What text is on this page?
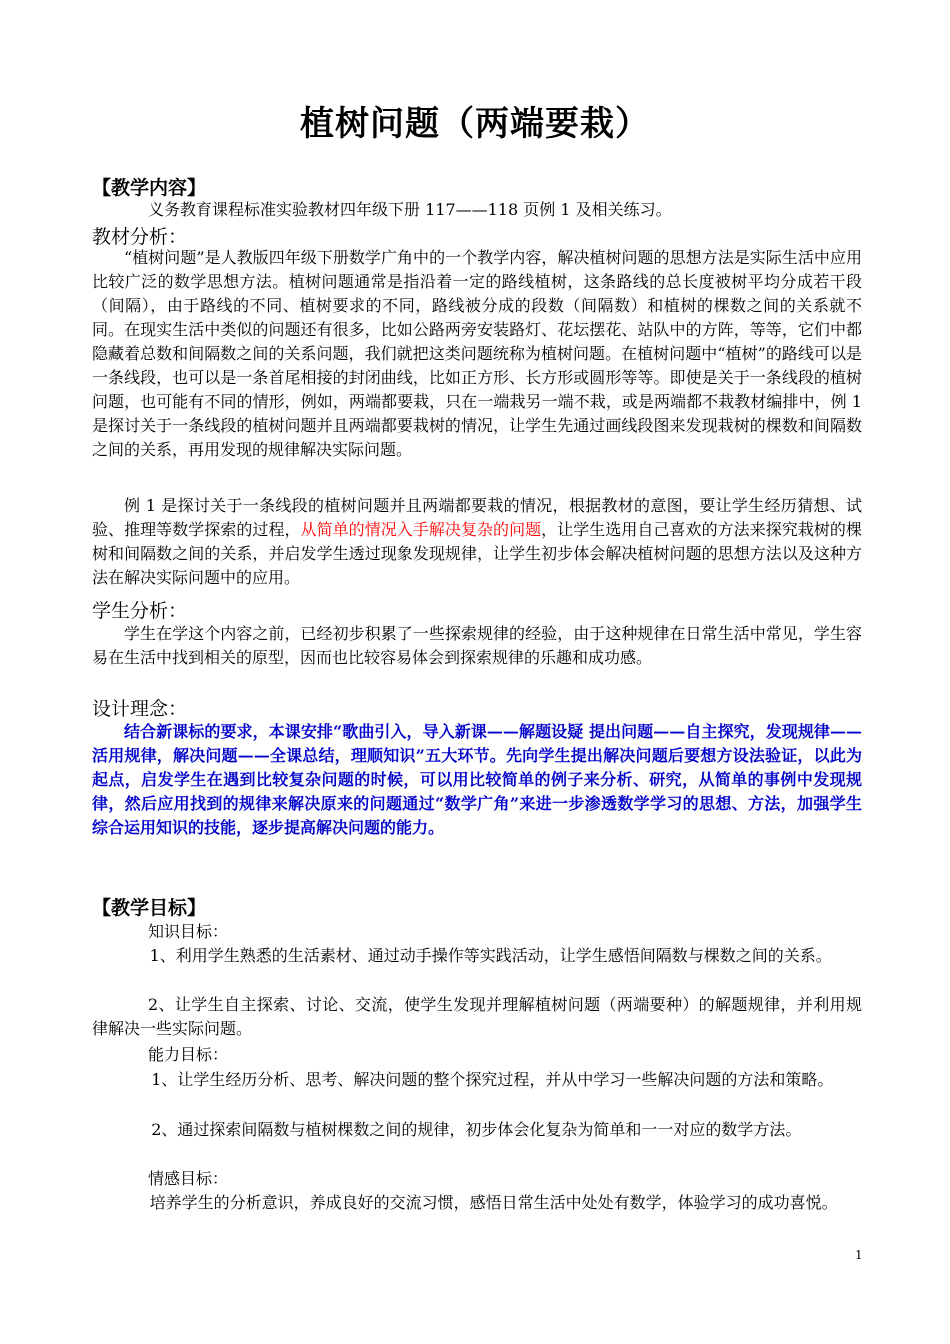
植树问题（两端要栽）
【教学内容】
义务教育课程标准实验教材四年级下册 117——118 页例 1 及相关练习。
教材分析：
“植树问题”是人教版四年级下册数学广角中的一个教学内容，解决植树问题的思想方法是实际生活中应用比较广泛的数学思想方法。植树问题通常是指沿着一定的路线植树，这条路线的总长度被树平均分成若干段（间隔），由于路线的不同、植树要求的不同，路线被分成的段数（间隔数）和植树的棵数之间的关系就不同。在现实生活中类似的问题还有很多，比如公路两旁安装路灯、花坛摆花、站队中的方阵，等等，它们中都隐藏着总数和间隔数之间的关系问题，我们就把这类问题统称为植树问题。在植树问题中“植树”的路线可以是一条线段，也可以是一条首尾相接的封闭曲线，比如正方形、长方形或圆形等等。即使是关于一条线段的植树问题，也可能有不同的情形，例如，两端都要栽，只在一端栽另一端不栽，或是两端都不栽教材编排中，例 1 是探讨关于一条线段的植树问题并且两端都要栽树的情况，让学生先通过画线段图来发现栽树的棵数和间隔数之间的关系，再用发现的规律解决实际问题。
例 1 是探讨关于一条线段的植树问题并且两端都要栽的情况，根据教材的意图，要让学生经历猜想、试验、推理等数学探索的过程，从简单的情况入手解决复杂的问题，让学生选用自己喜欢的方法来探究栽树的棵树和间隔数之间的关系，并启发学生透过现象发现规律，让学生初步体会解决植树问题的思想方法以及这种方法在解决实际问题中的应用。
学生分析：
学生在学这个内容之前，已经初步积累了一些探索规律的经验，由于这种规律在日常生活中常见，学生容易在生活中找到相关的原型，因而也比较容易体会到探索规律的乐趣和成功感。
设计理念：
结合新课标的要求，本课安排“歌曲引入，导入新课——解题设疑 提出问题——自主探究，发现规律——活用规律，解决问题——全课总结，理顺知识”五大环节。先向学生提出解决问题后要想方设法验证，以此为起点，启发学生在遇到比较复杂问题的时候，可以用比较简单的例子来分析、研究，从简单的事例中发现规律，然后应用找到的规律来解决原来的问题通过“数学广角”来进一步渗透数学学习的思想、方法，加强学生综合运用知识的技能，逐步提高解决问题的能力。
【教学目标】
知识目标：
1、利用学生熟悉的生活素材、通过动手操作等实践活动，让学生感悟间隔数与棵数之间的关系。
2、让学生自主探索、讨论、交流，使学生发现并理解植树问题（两端要种）的解题规律，并利用规律解决一些实际问题。
能力目标：
1、让学生经历分析、思考、解决问题的整个探究过程，并从中学习一些解决问题的方法和策略。
2、通过探索间隔数与植树棵数之间的规律，初步体会化复杂为简单和一一对应的数学方法。
情感目标：
培养学生的分析意识，养成良好的交流习惯，感悟日常生活中处处有数学，体验学习的成功喜悦。
1
